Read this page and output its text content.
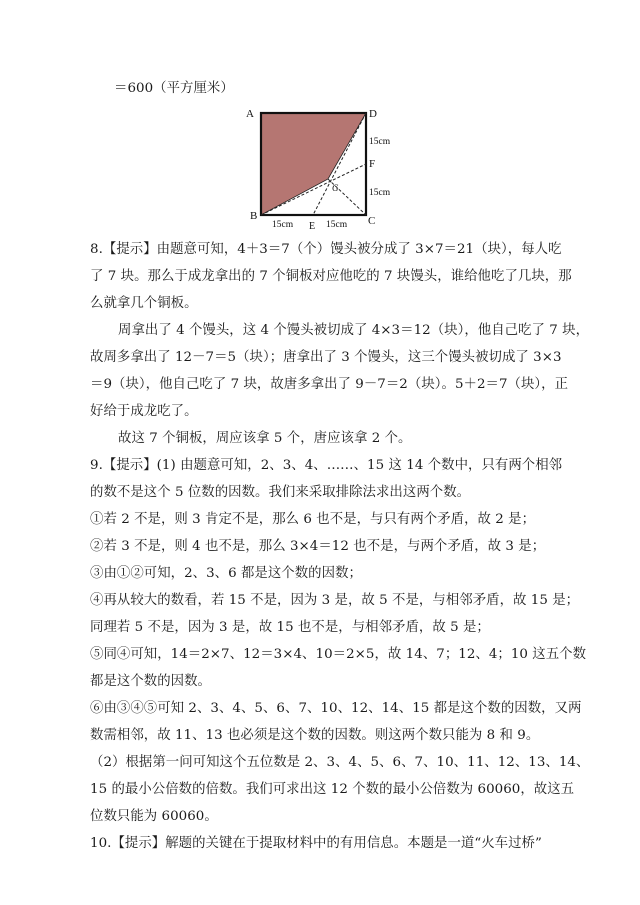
＝600（平方厘米）
A	D
B	C
F
E
G
15cm
15cm
15cm	15cm
8.【提示】由题意可知，4＋3＝7（个）馒头被分成了 3×7＝21（块），每人吃
了 7 块。那么于成龙拿出的 7 个铜板对应他吃的 7 块馒头，谁给他吃了几块，那
么就拿几个铜板。
周拿出了 4 个馒头，这 4 个馒头被切成了 4×3＝12（块），他自己吃了 7 块，
故周多拿出了 12－7＝5（块）；唐拿出了 3 个馒头，这三个馒头被切成了 3×3
＝9（块），他自己吃了 7 块，故唐多拿出了 9－7＝2（块）。5＋2＝7（块），正
好给于成龙吃了。
故这 7 个铜板，周应该拿 5 个，唐应该拿 2 个。
9.【提示】(1) 由题意可知，2、3、4、……、15 这 14 个数中，只有两个相邻
的数不是这个 5 位数的因数。我们来采取排除法求出这两个数。
①若 2 不是，则 3 肯定不是，那么 6 也不是，与只有两个矛盾，故 2 是；
②若 3 不是，则 4 也不是，那么 3×4＝12 也不是，与两个矛盾，故 3 是；
③由①②可知，2、3、6 都是这个数的因数；
④再从较大的数看，若 15 不是，因为 3 是，故 5 不是，与相邻矛盾，故 15 是；
同理若 5 不是，因为 3 是，故 15 也不是，与相邻矛盾，故 5 是；
⑤同④可知，14＝2×7、12＝3×4、10＝2×5，故 14、7；12、4；10 这五个数
都是这个数的因数。
⑥由③④⑤可知 2、3、4、5、6、7、10、12、14、15 都是这个数的因数，又两
数需相邻，故 11、13 也必须是这个数的因数。则这两个数只能为 8 和 9。
（2）根据第一问可知这个五位数是 2、3、4、5、6、7、10、11、12、13、14、
15 的最小公倍数的倍数。我们可求出这 12 个数的最小公倍数为 60060，故这五
位数只能为 60060。
10.【提示】解题的关键在于提取材料中的有用信息。本题是一道“火车过桥”
